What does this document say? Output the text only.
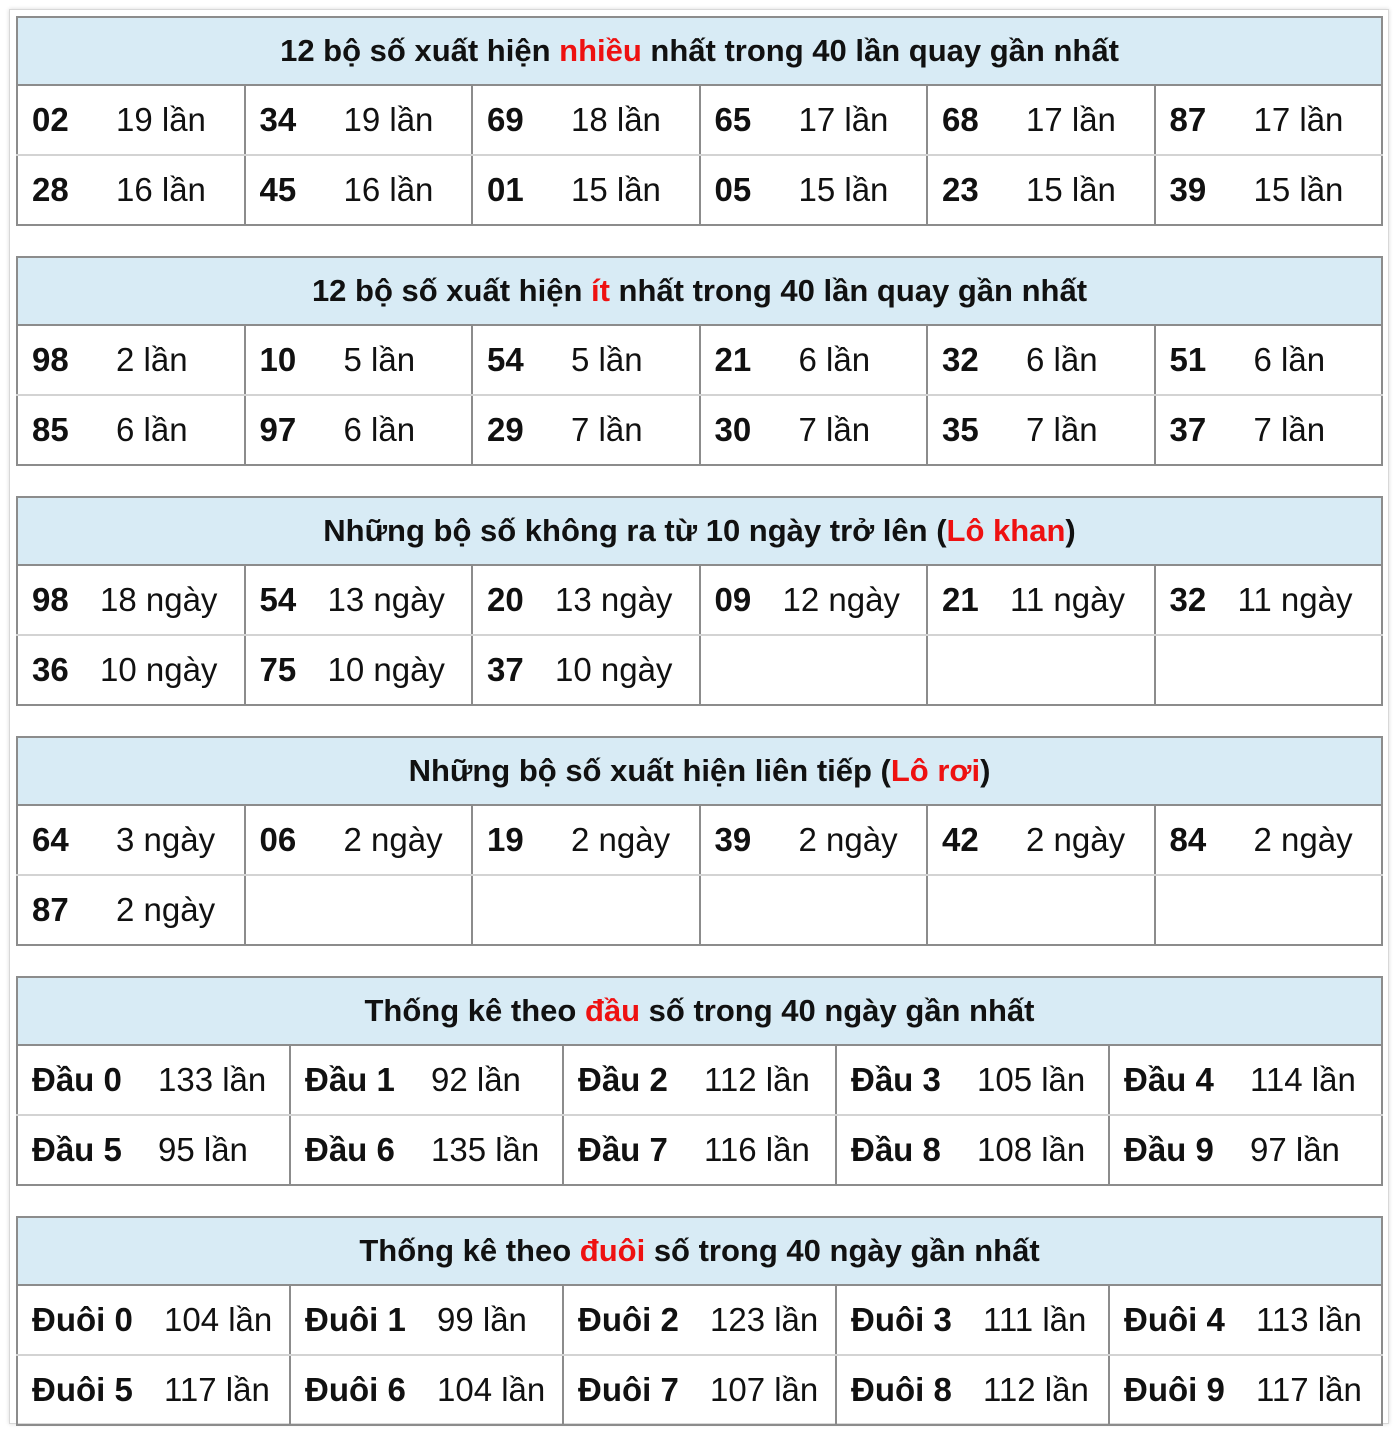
12 bộ số xuất hiện nhiều nhất trong 40 lần quay gần nhất					
02 19 lần	34 19 lần	69 18 lần	65 17 lần	68 17 lần	87 17 lần
28 16 lần	45 16 lần	01 15 lần	05 15 lần	23 15 lần	39 15 lần
12 bộ số xuất hiện ít nhất trong 40 lần quay gần nhất					
98 2 lần	10 5 lần	54 5 lần	21 6 lần	32 6 lần	51 6 lần
85 6 lần	97 6 lần	29 7 lần	30 7 lần	35 7 lần	37 7 lần
Những bộ số không ra từ 10 ngày trở lên (Lô khan)					
98 18 ngày	54 13 ngày	20 13 ngày	09 12 ngày	21 11 ngày	32 11 ngày
36 10 ngày	75 10 ngày	37 10 ngày			
Những bộ số xuất hiện liên tiếp (Lô rơi)					
64 3 ngày	06 2 ngày	19 2 ngày	39 2 ngày	42 2 ngày	84 2 ngày
87 2 ngày					
Thống kê theo đầu số trong 40 ngày gần nhất				
Đầu 0 133 lần	Đầu 1 92 lần	Đầu 2 112 lần	Đầu 3 105 lần	Đầu 4 114 lần
Đầu 5 95 lần	Đầu 6 135 lần	Đầu 7 116 lần	Đầu 8 108 lần	Đầu 9 97 lần
Thống kê theo đuôi số trong 40 ngày gần nhất				
Đuôi 0 104 lần	Đuôi 1 99 lần	Đuôi 2 123 lần	Đuôi 3 111 lần	Đuôi 4 113 lần
Đuôi 5 117 lần	Đuôi 6 104 lần	Đuôi 7 107 lần	Đuôi 8 112 lần	Đuôi 9 117 lần
